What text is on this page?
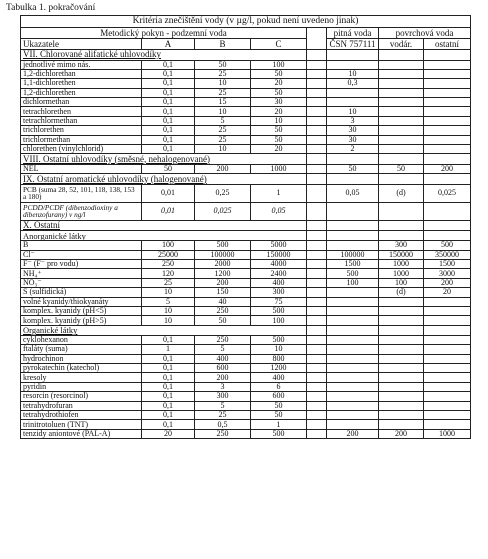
Tabulka 1. pokračování
Kritéria znečištění vody (v µg/l, pokud není uvedeno jinak)							
Metodický pokyn - podzemní voda					pitná voda	povrchová voda	
Ukazatele	A	B	C		ČSN 757111	vodár.	ostatní
VII. Chlorované alifatické uhlovodíky							
jednotlivé mimo nás.	0,1	50	100				
1,2-dichlorethan	0,1	25	50		10		
1,1-dichlorethen	0,1	10	20		0,3		
1,2-dichlorethen	0,1	25	50				
dichlormethan	0,1	15	30				
tetrachlorethen	0,1	10	20		10		
tetrachlormethan	0,1	5	10		3		
trichlorethen	0,1	25	50		30		
trichlormethan	0,1	25	50		30		
chlorethen (vinylchlorid)	0,1	10	20		2		
VIII. Ostatní uhlovodíky (směsné, nehalogenované)							
NEL	50	200	1000		50	50	200
IX. Ostatní aromatické uhlovodíky (halogenované)							
PCB (suma 28, 52, 101, 118, 138, 153 a 180)	0,01	0,25	1		0,05	(d)	0,025
PCDD/PCDF (dibenzodioxiny a dibenzofurany) v ng/l	0,01	0,025	0,05				
X. Ostatní							
Anorganické látky							
B	100	500	5000			300	500
Cl⁻	25000	100000	150000		100000	150000	350000
F⁻ (F⁻ pro vodu)	250	2000	4000		1500	1000	1500
NH₄⁺	120	1200	2400		500	1000	3000
NO₃⁻	25	200	400		100	100	200
S (sulfidická)	10	150	300			(d)	20
volné kyanidy/thiokyanáty	5	40	75				
komplex. kyanidy (pH<5)	10	250	500				
komplex. kyanidy (pH>5)	10	50	100				
Organické látky							
cyklohexanon	0,1	250	500				
ftaláty (suma)	1	5	10				
hydrochinon	0,1	400	800				
pyrokatechin (katechol)	0,1	600	1200				
kresoly	0,1	200	400				
pyridin	0,1	3	6				
resorcin (resorcinol)	0,1	300	600				
tetrahydrofuran	0,1	5	50				
tetrahydrothiofen	0,1	25	50				
trinitrotoluen (TNT)	0,1	0,5	1				
tenzidy aniontové (PAL-A)	20	250	500		200	200	1000
